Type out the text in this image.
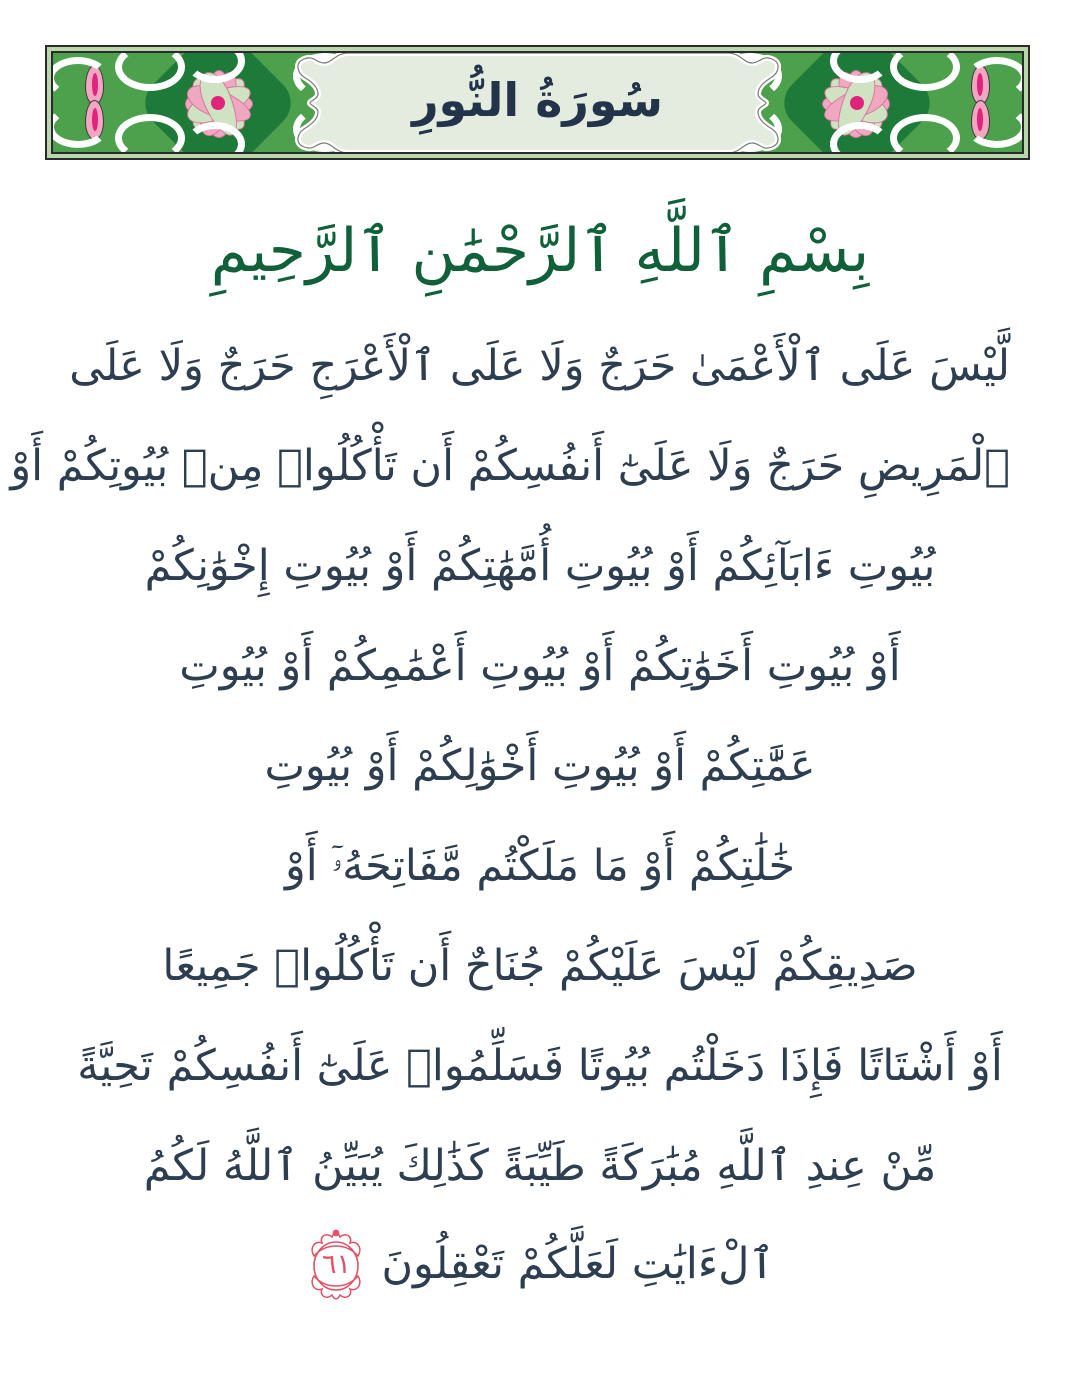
سُورَةُ النُّورِ
بِسْمِ ٱللَّهِ ٱلرَّحْمَٰنِ ٱلرَّحِيمِ
لَّيْسَ عَلَى ٱلْأَعْمَىٰ حَرَجٌ وَلَا عَلَى ٱلْأَعْرَجِ حَرَجٌ وَلَا عَلَى
ٱلْمَرِيضِ حَرَجٌ وَلَا عَلَىٰٓ أَنفُسِكُمْ أَن تَأْكُلُوا۟ مِنۢ بُيُوتِكُمْ أَوْ
بُيُوتِ ءَابَآئِكُمْ أَوْ بُيُوتِ أُمَّهَٰتِكُمْ أَوْ بُيُوتِ إِخْوَٰنِكُمْ
أَوْ بُيُوتِ أَخَوَٰتِكُمْ أَوْ بُيُوتِ أَعْمَٰمِكُمْ أَوْ بُيُوتِ
عَمَّٰتِكُمْ أَوْ بُيُوتِ أَخْوَٰلِكُمْ أَوْ بُيُوتِ
خَٰلَٰتِكُمْ أَوْ مَا مَلَكْتُم مَّفَاتِحَهُۥٓ أَوْ
صَدِيقِكُمْ لَيْسَ عَلَيْكُمْ جُنَاحٌ أَن تَأْكُلُوا۟ جَمِيعًا
أَوْ أَشْتَاتًا فَإِذَا دَخَلْتُم بُيُوتًا فَسَلِّمُوا۟ عَلَىٰٓ أَنفُسِكُمْ تَحِيَّةً
مِّنْ عِندِ ٱللَّهِ مُبَٰرَكَةً طَيِّبَةً كَذَٰلِكَ يُبَيِّنُ ٱللَّهُ لَكُمُ
ٱلْءَايَٰتِ لَعَلَّكُمْ تَعْقِلُونَ
٦١
